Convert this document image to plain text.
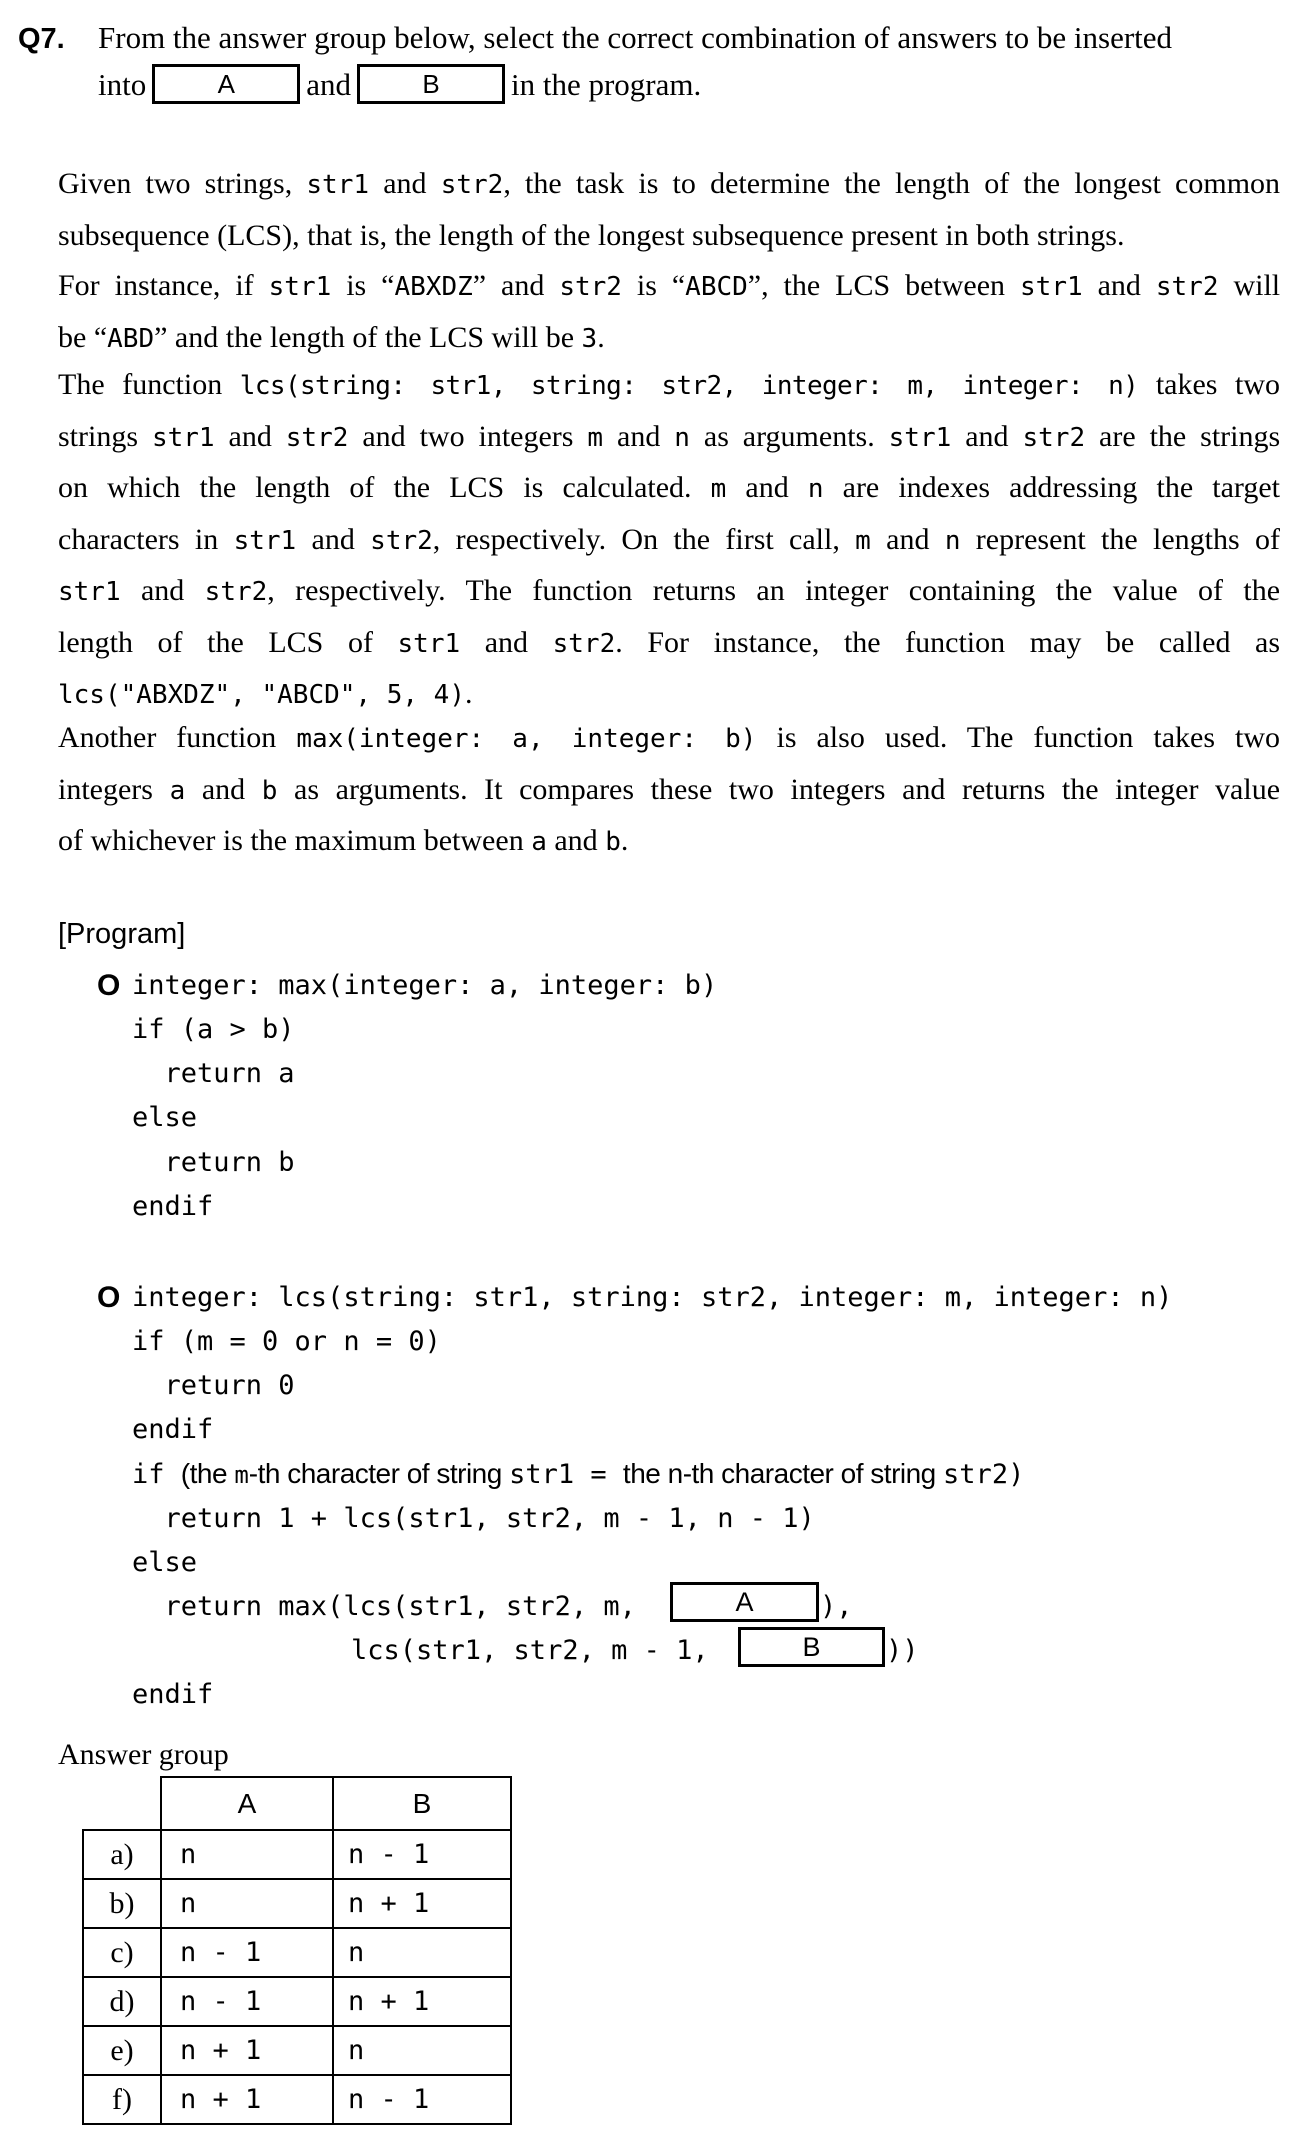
Q7. From the answer group below, select the correct combination of answers to be inserted
into	A and	B in the program.
Given two strings, str1 and str2, the task is to determine the length of the longest common
subsequence (LCS), that is, the length of the longest subsequence present in both strings.
For instance, if str1 is “ABXDZ” and str2 is “ABCD”, the LCS between str1 and str2 will
be “ABD” and the length of the LCS will be 3.
The function lcs(string: str1, string: str2, integer: m, integer: n) takes two
strings str1 and str2 and two integers m and n as arguments. str1 and str2 are the strings
on which the length of the LCS is calculated. m and n are indexes addressing the target
characters in str1 and str2, respectively. On the first call, m and n represent the lengths of
str1 and str2, respectively. The function returns an integer containing the value of the
length of the LCS of str1 and str2. For instance, the function may be called as
lcs("ABXDZ", "ABCD", 5, 4).
Another function max(integer: a, integer: b) is also used. The function takes two
integers a and b as arguments. It compares these two integers and returns the integer value
of whichever is the maximum between a and b.
[Program]
O integer: max(integer: a, integer: b)
if (a > b)
return a
else
return b
endif
O integer: lcs(string: str1, string: str2, integer: m, integer: n)
if (m = 0 or n = 0)
return 0
endif
if (the m-th character of string str1 = the n-th character of string str2)
return 1 + lcs(str1, str2, m - 1, n - 1)
else
return max(lcs(str1, str2, m,	A	),
lcs(str1, str2, m - 1,	B	))
endif
Answer group
	A	B
a)	n	n - 1
b)	n	n + 1
c)	n - 1	n
d)	n - 1	n + 1
e)	n + 1	n
f)	n + 1	n - 1
